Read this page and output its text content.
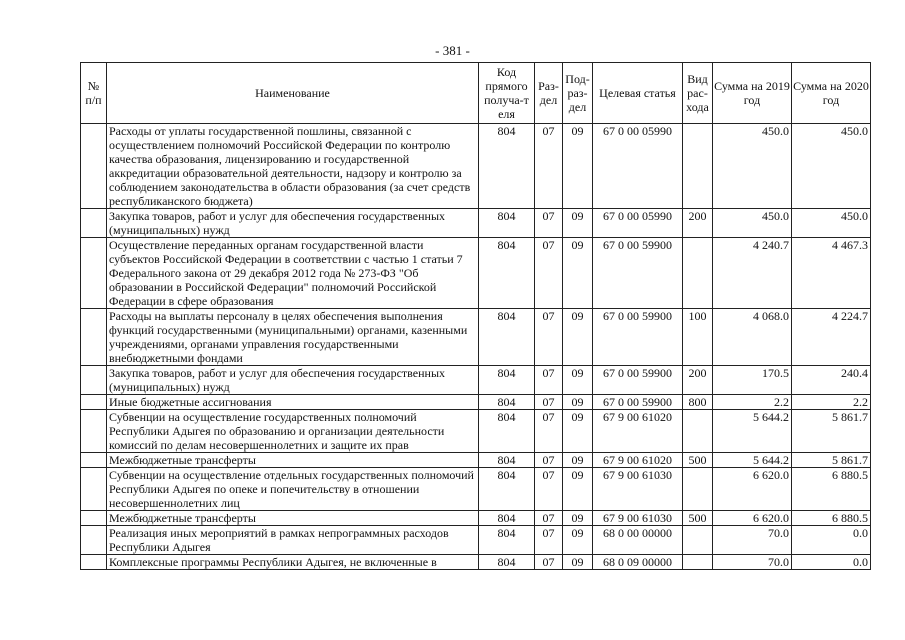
- 381 -
№ п/п	Наименование	Код прямого получа-т еля	Раз-дел	Под-раз-дел	Целевая статья	Вид рас-хода	Сумма на 2019 год	Сумма на 2020 год
	Расходы от уплаты государственной пошлины, связанной с осуществлением полномочий Российской Федерации по контролю качества образования, лицензированию и государственной аккредитации образовательной деятельности, надзору и контролю за соблюдением законодательства в области образования (за счет средств республиканского бюджета)	804	07	09	67 0 00 05990		450.0	450.0
	Закупка товаров, работ и услуг для обеспечения государственных (муниципальных) нужд	804	07	09	67 0 00 05990	200	450.0	450.0
	Осуществление переданных органам государственной власти субъектов Российской Федерации в соответствии с частью 1 статьи 7 Федерального закона от 29 декабря 2012 года № 273-ФЗ "Об образовании в Российской Федерации" полномочий Российской Федерации в сфере образования	804	07	09	67 0 00 59900		4 240.7	4 467.3
	Расходы на выплаты персоналу в целях обеспечения выполнения функций государственными (муниципальными) органами, казенными учреждениями, органами управления государственными внебюджетными фондами	804	07	09	67 0 00 59900	100	4 068.0	4 224.7
	Закупка товаров, работ и услуг для обеспечения государственных (муниципальных) нужд	804	07	09	67 0 00 59900	200	170.5	240.4
	Иные бюджетные ассигнования	804	07	09	67 0 00 59900	800	2.2	2.2
	Субвенции на осуществление государственных полномочий Республики Адыгея по образованию и организации деятельности комиссий по делам несовершеннолетних и защите их прав	804	07	09	67 9 00 61020		5 644.2	5 861.7
	Межбюджетные трансферты	804	07	09	67 9 00 61020	500	5 644.2	5 861.7
	Субвенции на осуществление отдельных государственных полномочий Республики Адыгея по опеке и попечительству в отношении несовершеннолетних лиц	804	07	09	67 9 00 61030		6 620.0	6 880.5
	Межбюджетные трансферты	804	07	09	67 9 00 61030	500	6 620.0	6 880.5
	Реализация иных мероприятий в рамках непрограммных расходов Республики Адыгея	804	07	09	68 0 00 00000		70.0	0.0
	Комплексные программы Республики Адыгея, не включенные в	804	07	09	68 0 09 00000		70.0	0.0
